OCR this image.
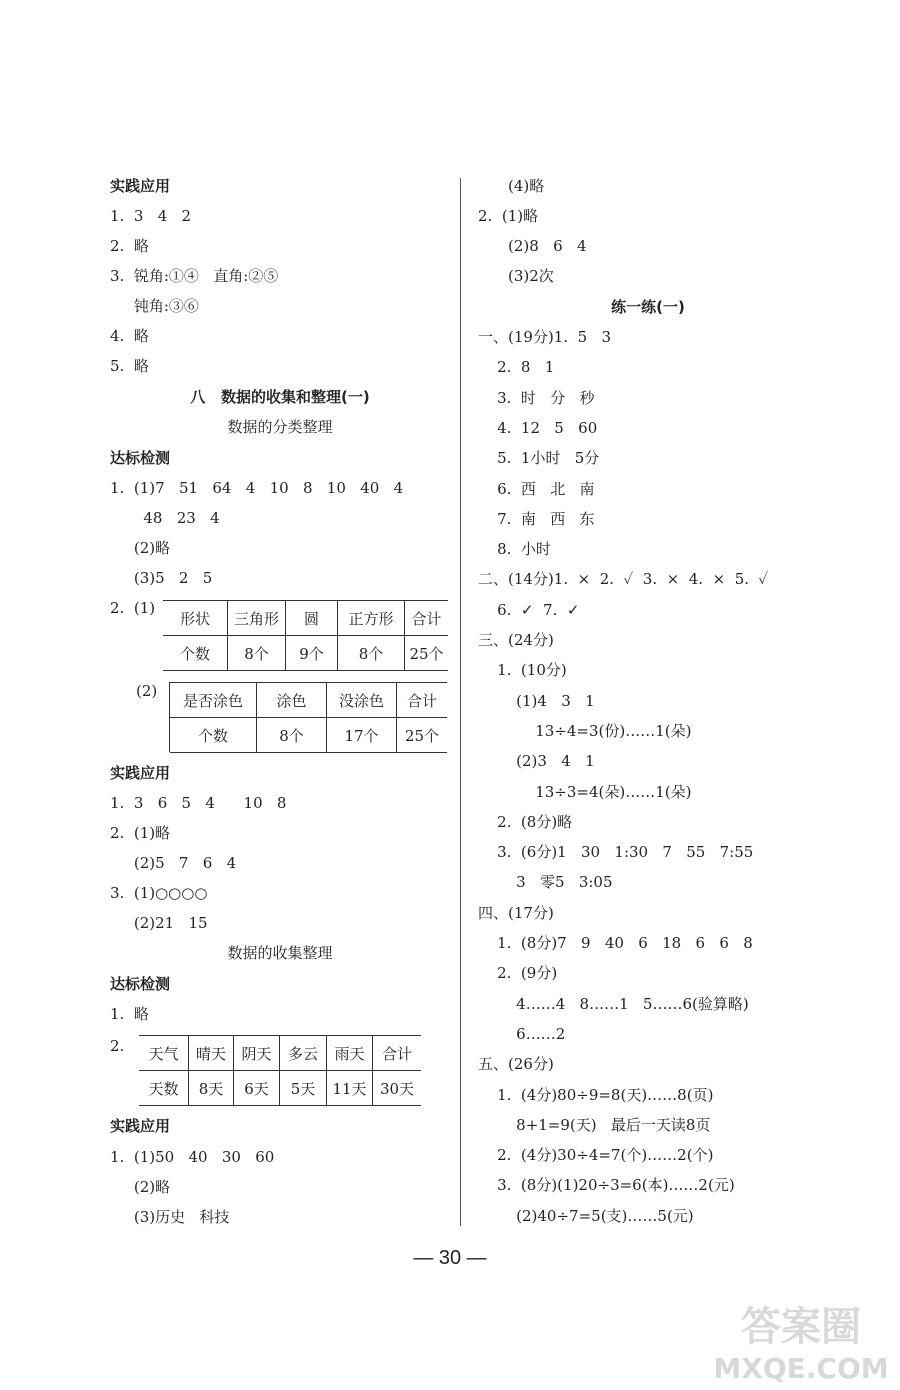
实践应用
1.  3   4   2
2.  略
3.  锐角:①④   直角:②⑤
钝角:③⑥
4.  略
5.  略
八   数据的收集和整理(一)
数据的分类整理
达标检测
1.  (1)7   51   64   4   10   8   10   40   4
48   23   4
(2)略
(3)5   2   5
2.  (1)
形状	三角形	圆	正方形	合计
个数	8个	9个	8个	25个
(2)
是否涂色	涂色	没涂色	合计
个数	8个	17个	25个
实践应用
1.  3   6   5   4      10   8
2.  (1)略
(2)5   7   6   4
3.  (1)○○○○
(2)21   15
数据的收集整理
达标检测
1.  略
2. 天气	晴天	阴天	多云	雨天	合计
天数	8天	6天	5天	11天	30天
实践应用
1.  (1)50   40   30   60
(2)略
(3)历史   科技
(4)略
2.  (1)略
(2)8   6   4
(3)2次
练一练(一)
一、(19分)1.  5   3
2.  8   1
3.  时   分   秒
4.  12   5   60
5.  1小时   5分
6.  西   北   南
7.  南   西   东
8.  小时
二、(14分)1.  ×  2.  ✓  3.  ×  4.  ×  5.  ✓
6.  ✓  7.  ✓
三、(24分)
1.  (10分)
(1)4   3   1
13÷4=3(份)……1(朵)
(2)3   4   1
13÷3=4(朵)……1(朵)
2.  (8分)略
3.  (6分)1   30   1:30   7   55   7:55
3   零5   3:05
四、(17分)
1.  (8分)7   9   40   6   18   6   6   8
2.  (9分)
4……4   8……1   5……6(验算略)
6……2
五、(26分)
1.  (4分)80÷9=8(天)……8(页)
8+1=9(天)   最后一天读8页
2.  (4分)30÷4=7(个)……2(个)
3.  (8分)(1)20÷3=6(本)……2(元)
(2)40÷7=5(支)……5(元)
— 30 —
答案圈
MXQE.COM
